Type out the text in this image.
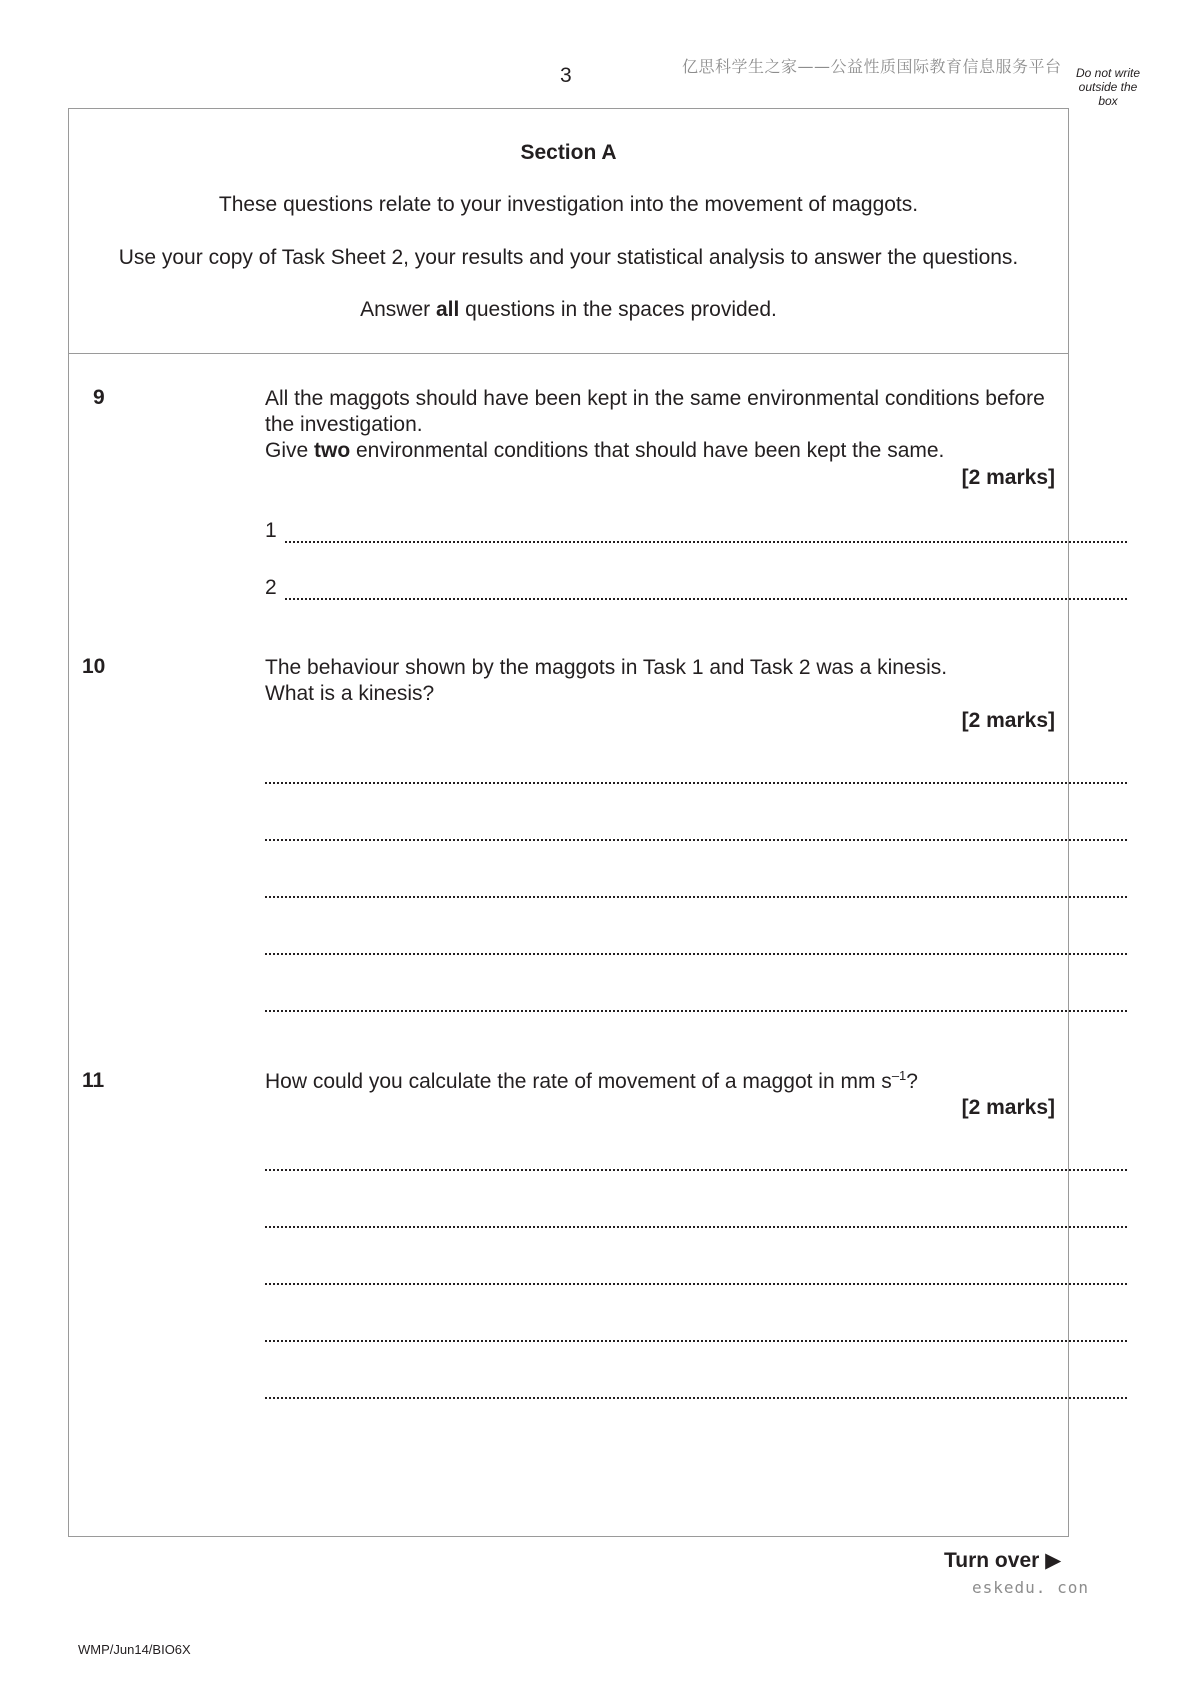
3	亿思科学生之家——公益性质国际教育信息服务平台	Do not write outside the box
Section A
These questions relate to your investigation into the movement of maggots.
Use your copy of Task Sheet 2, your results and your statistical analysis to answer the questions.
Answer all questions in the spaces provided.
9	All the maggots should have been kept in the same environmental conditions before
the investigation.
Give two environmental conditions that should have been kept the same.
[2 marks]
1
2
10	The behaviour shown by the maggots in Task 1 and Task 2 was a kinesis.
What is a kinesis?
[2 marks]
11	How could you calculate the rate of movement of a maggot in mm $s^{-1}$?
[2 marks]
Turn over ▶
eskedu. con
WMP/Jun14/BIO6X
